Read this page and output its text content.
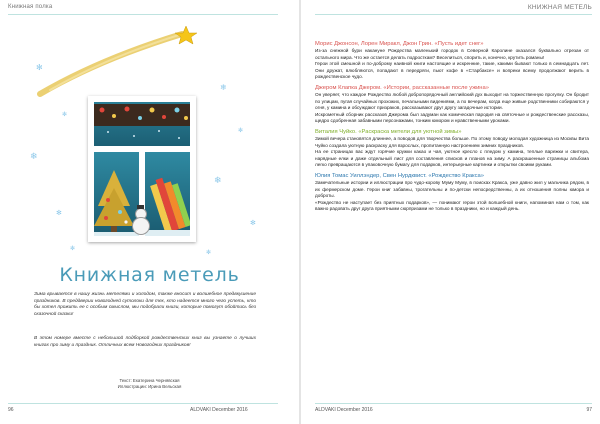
Книжная полка
✻
✻
❄
✻
❄
✻
❄
✻
✻
✻
Книжная метель

Зима врывается в нашу жизнь метелями и холодом, также вносит и волшебное предвкушение праздников. В преддверии новогодней сутолоки для тех, кто надеется много чего успеть, кто бы хотел прожить ее с особым смыслом, мы подобрали книги, которые помогут обойтись без сказочной сказки!

В этом номере вместе с небольшой подборкой рождественских книг вы узнаете о лучших книгах про зиму и праздник. Отличных всем Новогодних праздников!

Текст: Екатерина Чернявская
Иллюстрации: Ирина Вельская
96	ALDVAKI December 2016
КНИЖНАЯ МЕТЕЛЬ

Морис Джонсон, Лорен Миракл, Джон Грин. «Пусть идет снег»

Из-за снежной бури накануне Рождества маленький городок в Северной Каролине оказался буквально отрезан от остального мира. Что же остается делать подросткам? Веселиться, спорить и, конечно, крутить романы!

Герои этой смешной и по-доброму наивной книги настоящие и искренние, такие, какими бывают только в семнадцать лет. Они дружат, влюбляются, попадают в передряги, пьют кофе в «Старбаксе» и вопреки всему продолжают верить в рождественское чудо.

Джером Клапка Джером. «Истории, рассказанные после ужина»

Он уверяет, что каждое Рождество любой добропорядочный английский дух выходит на торжественную прогулку. Он бродит по улицам, пугая случайных прохожих, печальными видениями, а по вечерам, когда еще живые родственники собираются у огня, у камина и обсуждают призраков, рассказывают друг другу загадочные истории.

Искрометный сборник рассказов Джерома был задуман как комическая пародия на святочные и рождественские рассказы, щедро сдобренная забавными персонажами, тонким юмором и нравственными уроками.

Виталия Чуйко. «Раскраска метели для уютной зимы»

Зимой вечера становятся длиннее, а поводов для творчества больше. По этому поводу молодая художница из Москвы Вита Чуйко создала уютную раскраску для взрослых, пропитанную настроением зимних праздников.

На ее страницах вас ждут горячие кружки какао и чая, уютное кресло с пледом у камина, теплые варежки и свитера, нарядные елки и даже отдельный лист для составления списков и планов на зиму. А раскрашенные страницы альбома легко превращаются в упаковочную бумагу для подарков, интерьерные картинки и открытки своими руками.

Юлия Томас Уиллэндер, Свен Нурдквист. «Рождество Кракса»

Замечательные истории и иллюстрации про чудо-корову Муму Муму, в поисках Кракса, уже давно жил у мальчика рядом, в их фермерском доме. Герои книг забавны, трогательны и по-детски непосредственны, а их отношения полны юмора и доброты.

«Рождество не наступает без приятных подарков», — понимают герои этой волшебной книги, напоминая нам о том, как важно радовать друг друга приятными сюрпризами не только в праздники, но и каждый день.

ALDVAKI December 2016	97
